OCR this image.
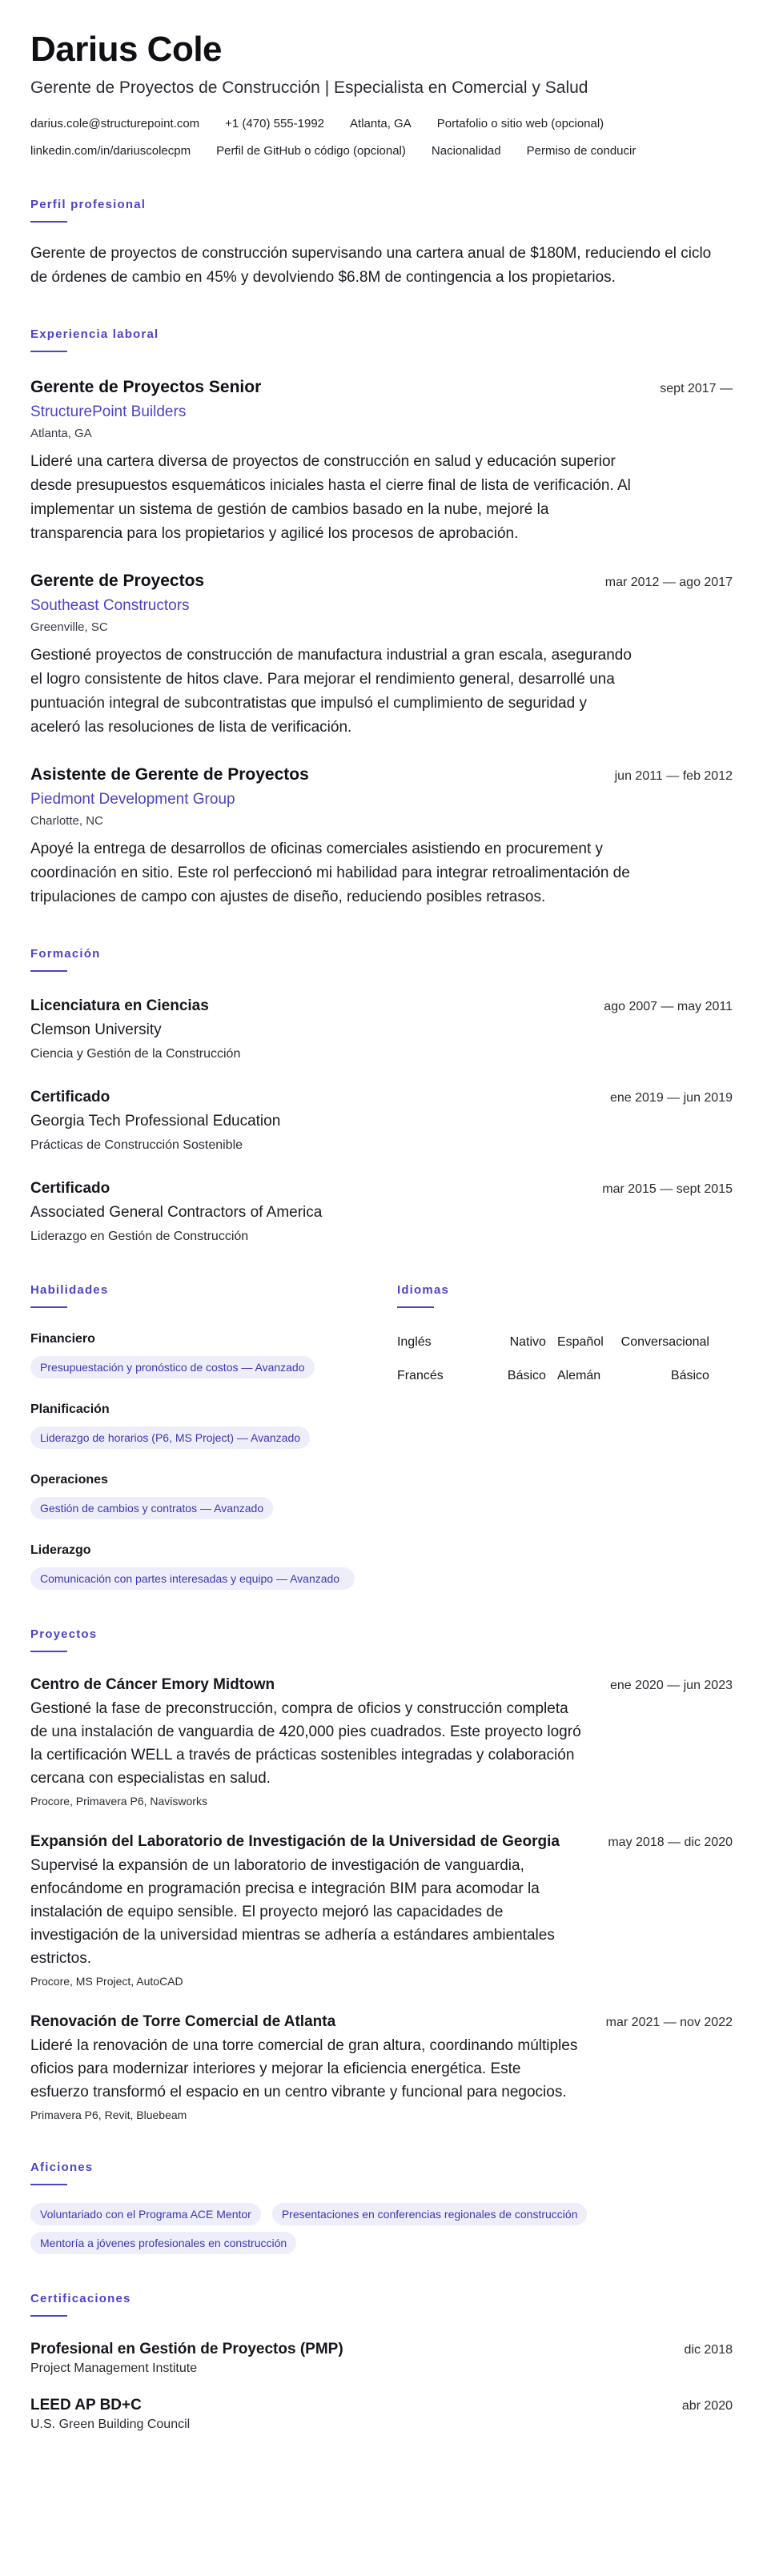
Darius Cole
Gerente de Proyectos de Construcción | Especialista en Comercial y Salud
darius.cole@structurepoint.com +1 (470) 555-1992 Atlanta, GA Portafolio o sitio web (opcional)
linkedin.com/in/dariuscolecpm Perfil de GitHub o código (opcional) Nacionalidad Permiso de conducir
Perfil profesional

Gerente de proyectos de construcción supervisando una cartera anual de $180M, reduciendo el ciclo de órdenes de cambio en 45% y devolviendo $6.8M de contingencia a los propietarios.

Experiencia laboral
Gerente de Proyectos Senior	sept 2017 —
StructurePoint Builders
Atlanta, GA

Lideré una cartera diversa de proyectos de construcción en salud y educación superior desde presupuestos esquemáticos iniciales hasta el cierre final de lista de verificación. Al implementar un sistema de gestión de cambios basado en la nube, mejoré la transparencia para los propietarios y agilicé los procesos de aprobación.

Gerente de Proyectos	mar 2012 — ago 2017
Southeast Constructors
Greenville, SC

Gestioné proyectos de construcción de manufactura industrial a gran escala, asegurando el logro consistente de hitos clave. Para mejorar el rendimiento general, desarrollé una puntuación integral de subcontratistas que impulsó el cumplimiento de seguridad y aceleró las resoluciones de lista de verificación.

Asistente de Gerente de Proyectos	jun 2011 — feb 2012
Piedmont Development Group
Charlotte, NC

Apoyé la entrega de desarrollos de oficinas comerciales asistiendo en procurement y coordinación en sitio. Este rol perfeccionó mi habilidad para integrar retroalimentación de tripulaciones de campo con ajustes de diseño, reduciendo posibles retrasos.

Formación
Licenciatura en Ciencias	ago 2007 — may 2011
Clemson University
Ciencia y Gestión de la Construcción
Certificado	ene 2019 — jun 2019
Georgia Tech Professional Education
Prácticas de Construcción Sostenible
Certificado	mar 2015 — sept 2015
Associated General Contractors of America
Liderazgo en Gestión de Construcción
Habilidades
Financiero
Presupuestación y pronóstico de costos — Avanzado
Planificación
Liderazgo de horarios (P6, MS Project) — Avanzado
Operaciones
Gestión de cambios y contratos — Avanzado
Liderazgo
Comunicación con partes interesadas y equipo — Avanzado
Idiomas
Inglés	Nativo Español	Conversacional
Francés	Básico Alemán	Básico
Proyectos
Centro de Cáncer Emory Midtown	ene 2020 — jun 2023

Gestioné la fase de preconstrucción, compra de oficios y construcción completa de una instalación de vanguardia de 420,000 pies cuadrados. Este proyecto logró la certificación WELL a través de prácticas sostenibles integradas y colaboración cercana con especialistas en salud.

Procore, Primavera P6, Navisworks
Expansión del Laboratorio de Investigación de la Universidad de Georgia	may 2018 — dic 2020

Supervisé la expansión de un laboratorio de investigación de vanguardia, enfocándome en programación precisa e integración BIM para acomodar la instalación de equipo sensible. El proyecto mejoró las capacidades de investigación de la universidad mientras se adhería a estándares ambientales estrictos.

Procore, MS Project, AutoCAD
Renovación de Torre Comercial de Atlanta	mar 2021 — nov 2022

Lideré la renovación de una torre comercial de gran altura, coordinando múltiples oficios para modernizar interiores y mejorar la eficiencia energética. Este esfuerzo transformó el espacio en un centro vibrante y funcional para negocios.

Primavera P6, Revit, Bluebeam
Aficiones
Voluntariado con el Programa ACE Mentor	Presentaciones en conferencias regionales de construcción
Mentoría a jóvenes profesionales en construcción
Certificaciones
Profesional en Gestión de Proyectos (PMP)	dic 2018
Project Management Institute
LEED AP BD+C	abr 2020
U.S. Green Building Council
